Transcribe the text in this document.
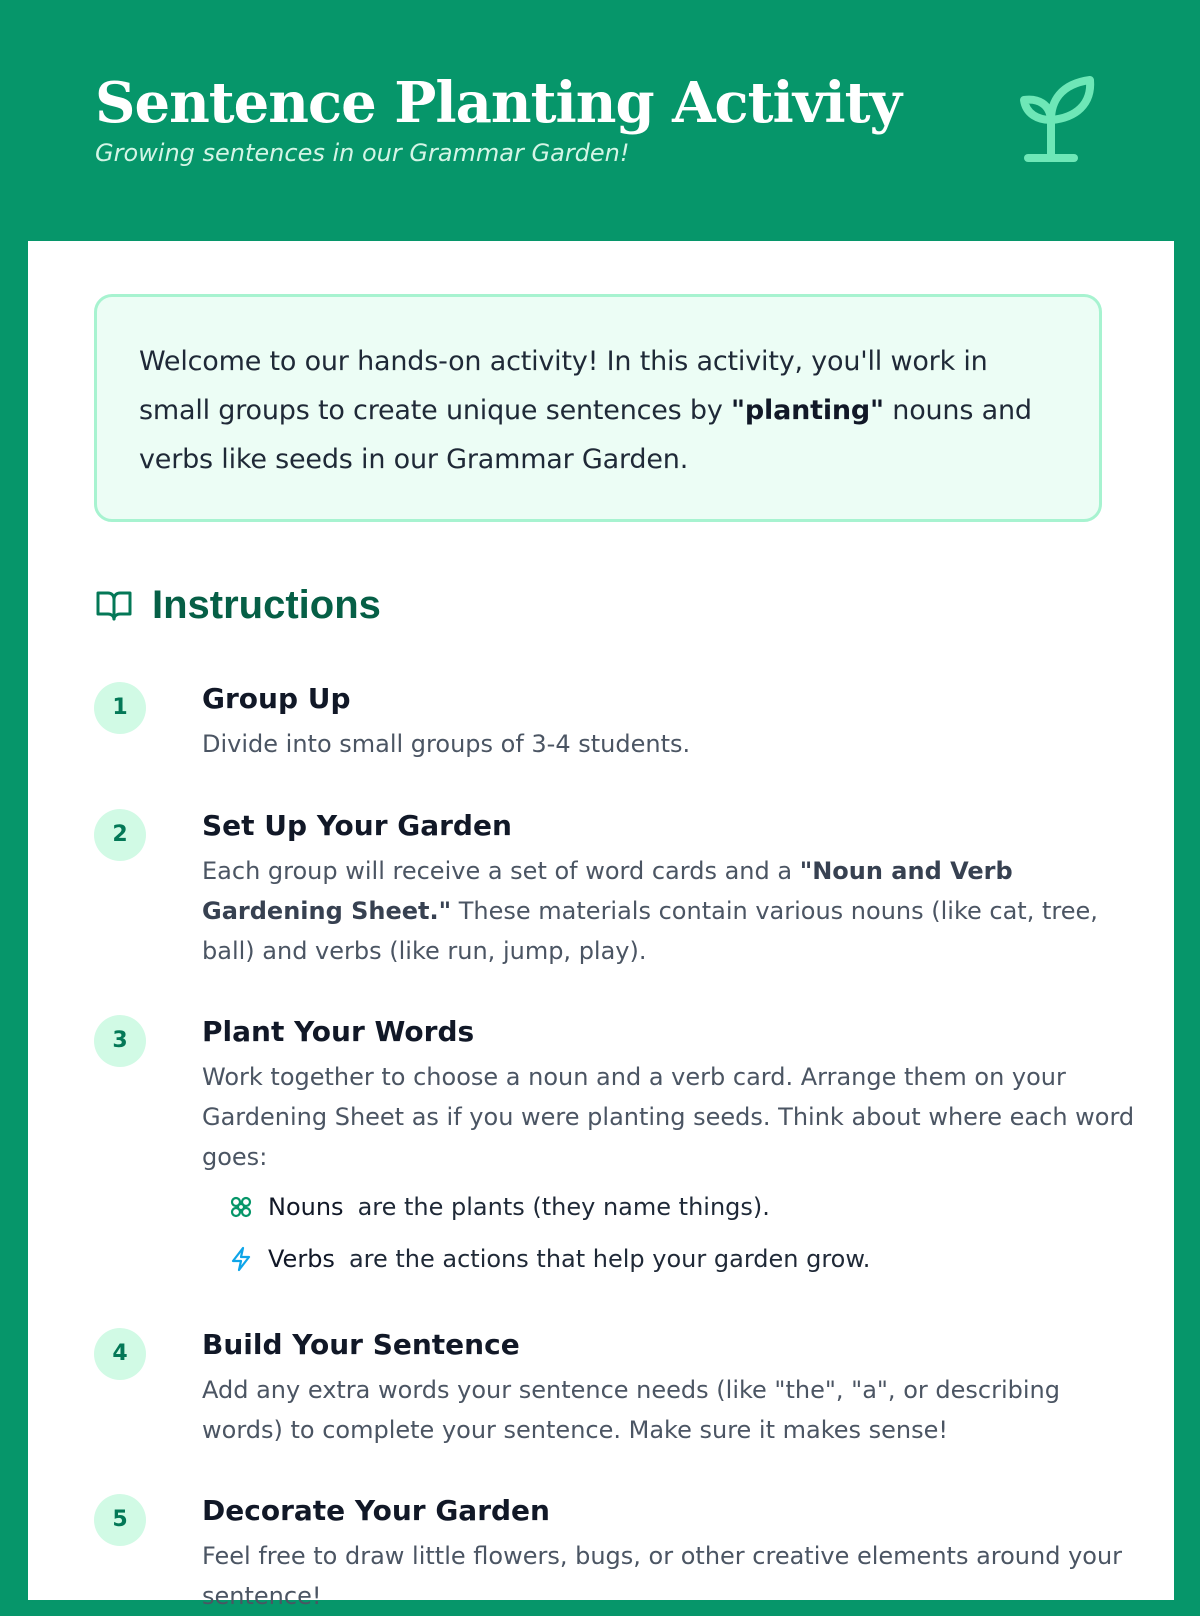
Sentence Planting Activity

Growing sentences in our Grammar Garden!

Welcome to our hands-on activity! In this activity, you'll work in small groups to create unique sentences by "planting" nouns and verbs like seeds in our Grammar Garden.

Instructions
1	Group Up

Divide into small groups of 3-4 students.

2	Set Up Your Garden

Each group will receive a set of word cards and a "Noun and Verb Gardening Sheet." These materials contain various nouns (like cat, tree, ball) and verbs (like run, jump, play).

3	Plant Your Words

Work together to choose a noun and a verb card. Arrange them on your Gardening Sheet as if you were planting seeds. Think about where each word goes:

Nouns are the plants (they name things).
Verbs are the actions that help your garden grow.
4	Build Your Sentence

Add any extra words your sentence needs (like "the", "a", or describing words) to complete your sentence. Make sure it makes sense!

5	Decorate Your Garden

Feel free to draw little flowers, bugs, or other creative elements around your sentence!
